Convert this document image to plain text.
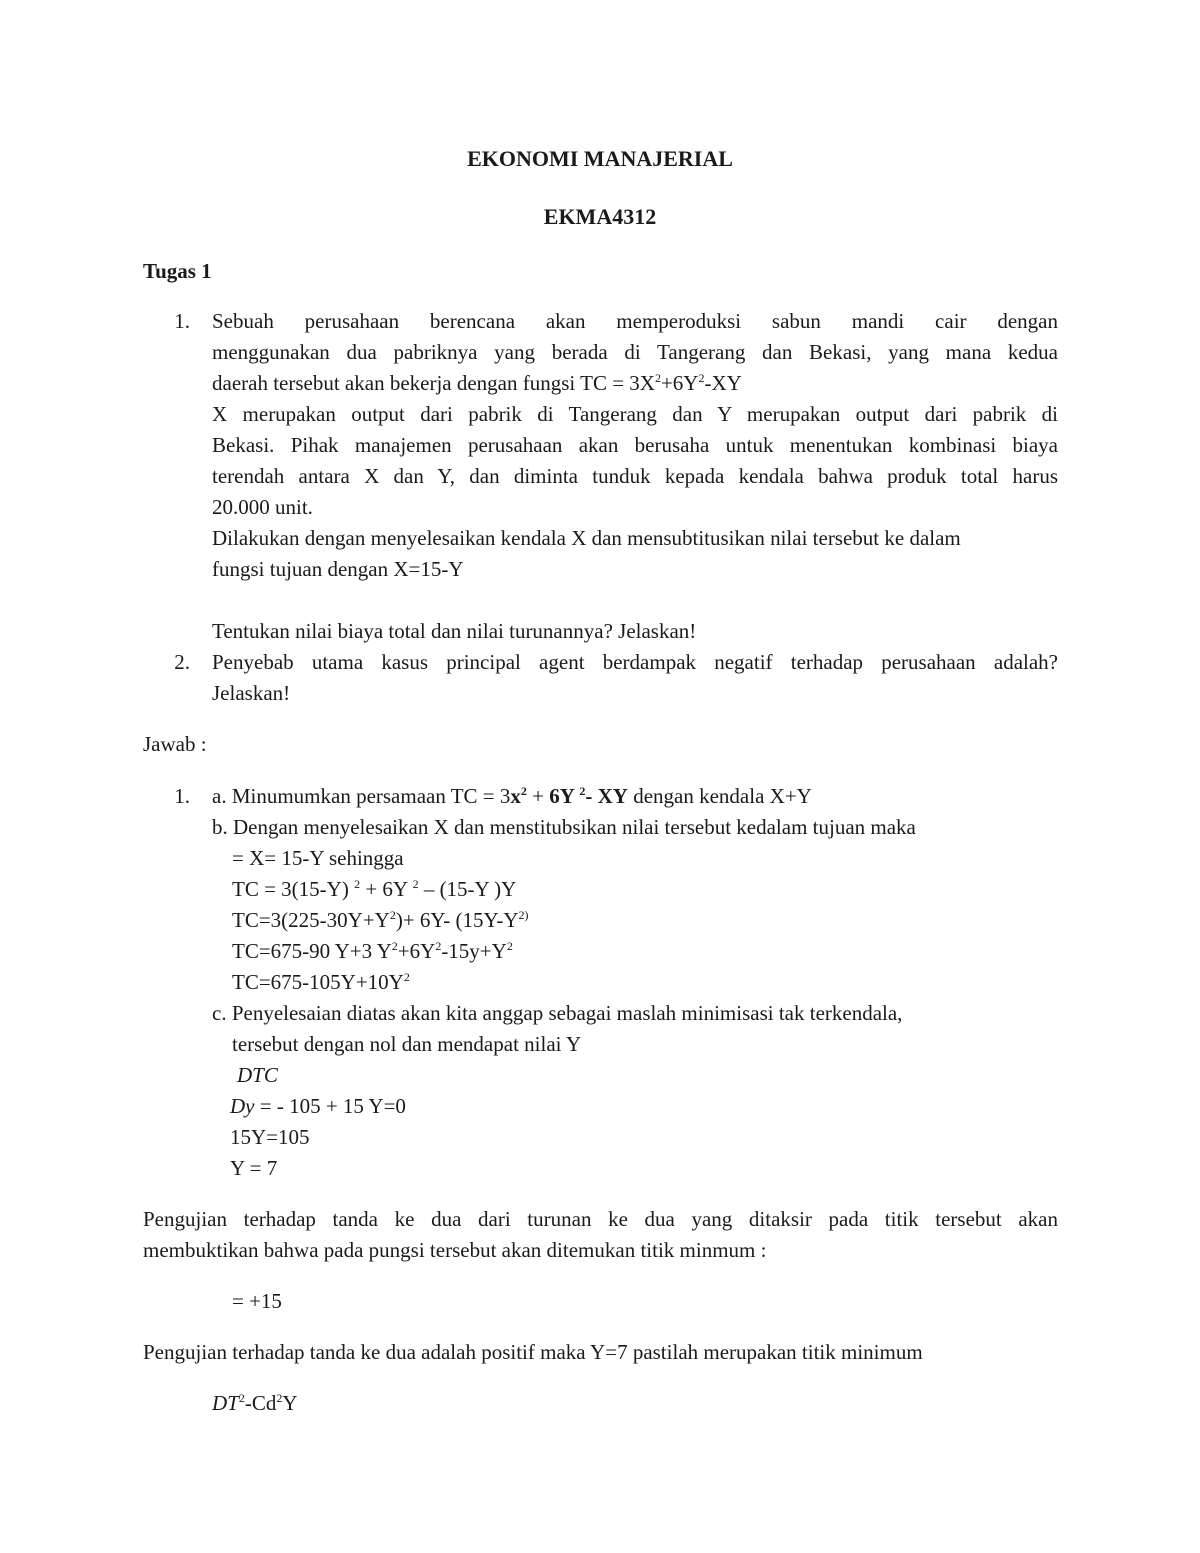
EKONOMI MANAJERIAL
EKMA4312
Tugas 1
1. Sebuah perusahaan berencana akan memperoduksi sabun mandi cair dengan
menggunakan dua pabriknya yang berada di Tangerang dan Bekasi, yang mana kedua
daerah tersebut akan bekerja dengan fungsi TC = $3X^2+6Y^2-XY$
X merupakan output dari pabrik di Tangerang dan Y merupakan output dari pabrik di
Bekasi. Pihak manajemen perusahaan akan berusaha untuk menentukan kombinasi biaya
terendah antara X dan Y, dan diminta tunduk kepada kendala bahwa produk total harus
20.000 unit.
Dilakukan dengan menyelesaikan kendala X dan mensubtitusikan nilai tersebut ke dalam
fungsi tujuan dengan X=15-Y
Tentukan nilai biaya total dan nilai turunannya? Jelaskan!
2. Penyebab utama kasus principal agent berdampak negatif terhadap perusahaan adalah?
Jelaskan!
Jawab :
1. a. Minumumkan persamaan TC = $3x^2 + 6Y$ $^2$- XY dengan kendala X+Y
b. Dengan menyelesaikan X dan menstitubsikan nilai tersebut kedalam tujuan maka
= X= 15-Y sehingga
TC = 3(15-Y) $^2$ + 6Y $^2$ – (15-Y )Y
$TC=3(225-30Y+Y^2)+ 6Y-$ ($15Y-Y^{2)}$
TC=675-90 Y+3 $Y^2+6Y^2-15y+Y^2$
$TC=675-105Y+10Y^2$
c. Penyelesaian diatas akan kita anggap sebagai maslah minimisasi tak terkendala,
tersebut dengan nol dan mendapat nilai Y
DTC
Dy = - 105 + 15 Y=0
15Y=105
Y = 7
Pengujian terhadap tanda ke dua dari turunan ke dua yang ditaksir pada titik tersebut akan
membuktikan bahwa pada pungsi tersebut akan ditemukan titik minmum :
= +15
Pengujian terhadap tanda ke dua adalah positif maka Y=7 pastilah merupakan titik minimum
$DT^2-Cd^2Y$
